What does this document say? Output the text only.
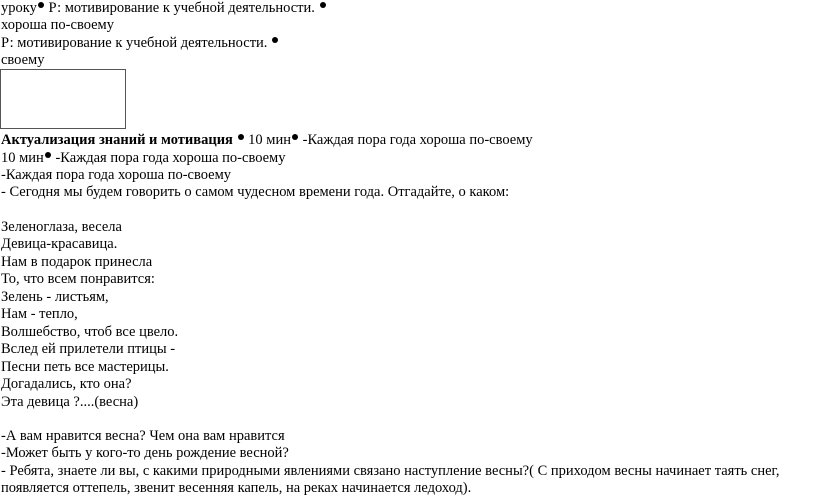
уроку Р: мотивирование к учебной деятельности.
хороша по-своему
Р: мотивирование к учебной деятельности.
своему
Актуализация знаний и мотивация  10 мин -Каждая пора года хороша по-своему
10 мин -Каждая пора года хороша по-своему
-Каждая пора года хороша по-своему
- Сегодня мы будем говорить о самом чудесном времени года. Отгадайте, о каком:
Зеленоглаза, весела
Девица-красавица.
Нам в подарок принесла
То, что всем понравится:
Зелень - листьям,
Нам - тепло,
Волшебство, чтоб все цвело.
Вслед ей прилетели птицы -
Песни петь все мастерицы.
Догадались, кто она?
Эта девица ?....(весна)
-А вам нравится весна? Чем она вам нравится
-Может быть у кого-то день рождение весной?
- Ребята, знаете ли вы, с какими природными явлениями связано наступление весны?( С приходом весны начинает таять снег,
появляется оттепель, звенит весенняя капель, на реках начинается ледоход).
